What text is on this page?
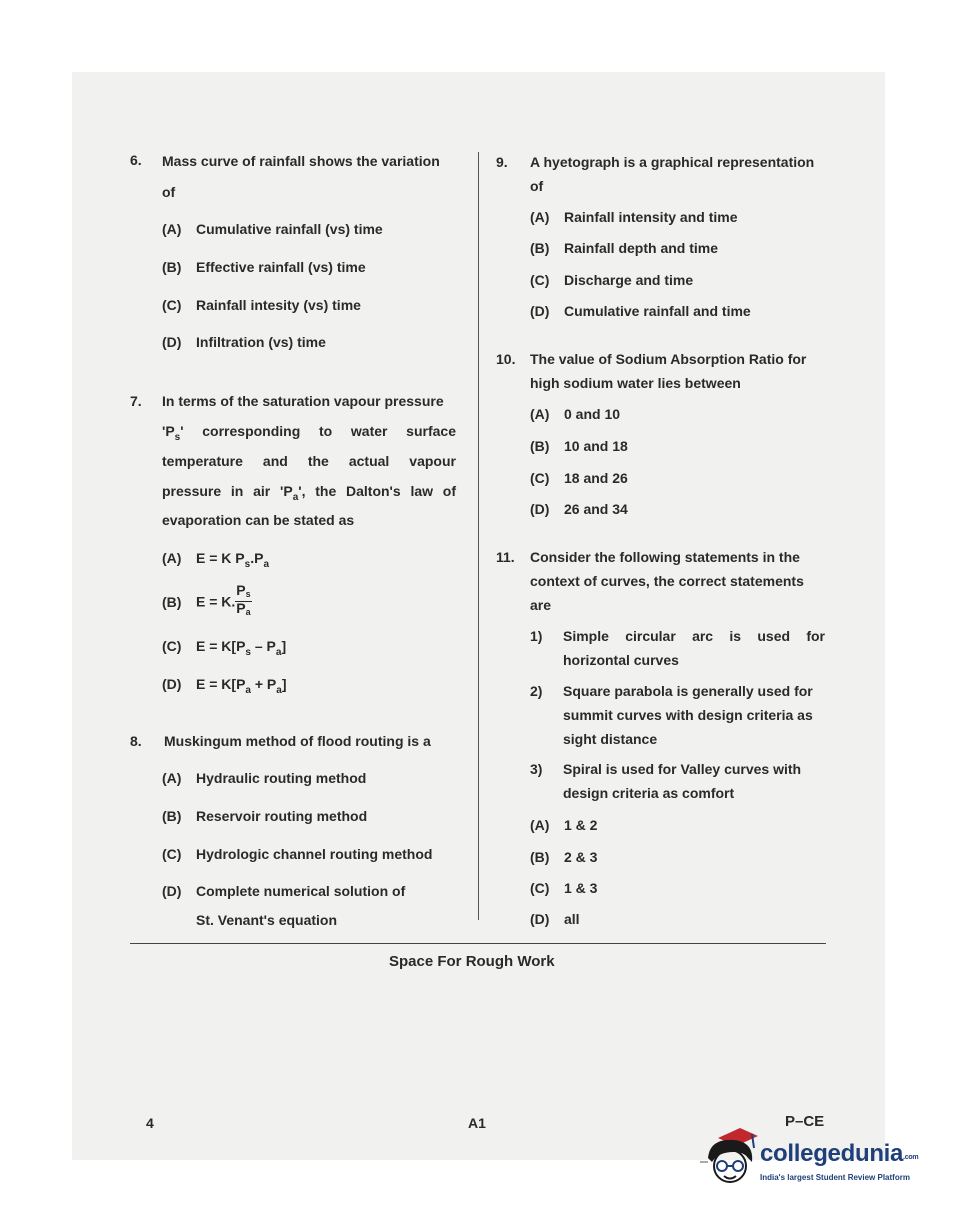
6. Mass curve of rainfall shows the variation
of
(A) Cumulative rainfall (vs) time
(B) Effective rainfall (vs) time
(C) Rainfall intesity (vs) time
(D) Infiltration (vs) time
7. In terms of the saturation vapour pressure
'$P_s$' corresponding to water surface
temperature and the actual vapour
pressure in air '$P_a$', the Dalton's law of
evaporation can be stated as
(A) E = K $P_s.P_a$
(B) E = K. $\frac{P_s}{P_a}$
(C) $E = K[P_s - P_a]$
(D) $E = K[P_a + P_a]$
8. Muskingum method of flood routing is a
(A) Hydraulic routing method
(B) Reservoir routing method
(C) Hydrologic channel routing method
(D) Complete numerical solution of
St. Venant's equation
9. A hyetograph is a graphical representation
of
(A) Rainfall intensity and time
(B) Rainfall depth and time
(C) Discharge and time
(D) Cumulative rainfall and time
10. The value of Sodium Absorption Ratio for
high sodium water lies between
(A) 0 and 10
(B) 10 and 18
(C) 18 and 26
(D) 26 and 34
11. Consider the following statements in the
context of curves, the correct statements
are
1) Simple circular arc is used for
horizontal curves
2) Square parabola is generally used for
summit curves with design criteria as
sight distance
3) Spiral is used for Valley curves with
design criteria as comfort
(A) 1 & 2
(B) 2 & 3
(C) 1 & 3
(D) all
Space For Rough Work
4	A1	P–CE
collegedunia.com
India's largest Student Review Platform
